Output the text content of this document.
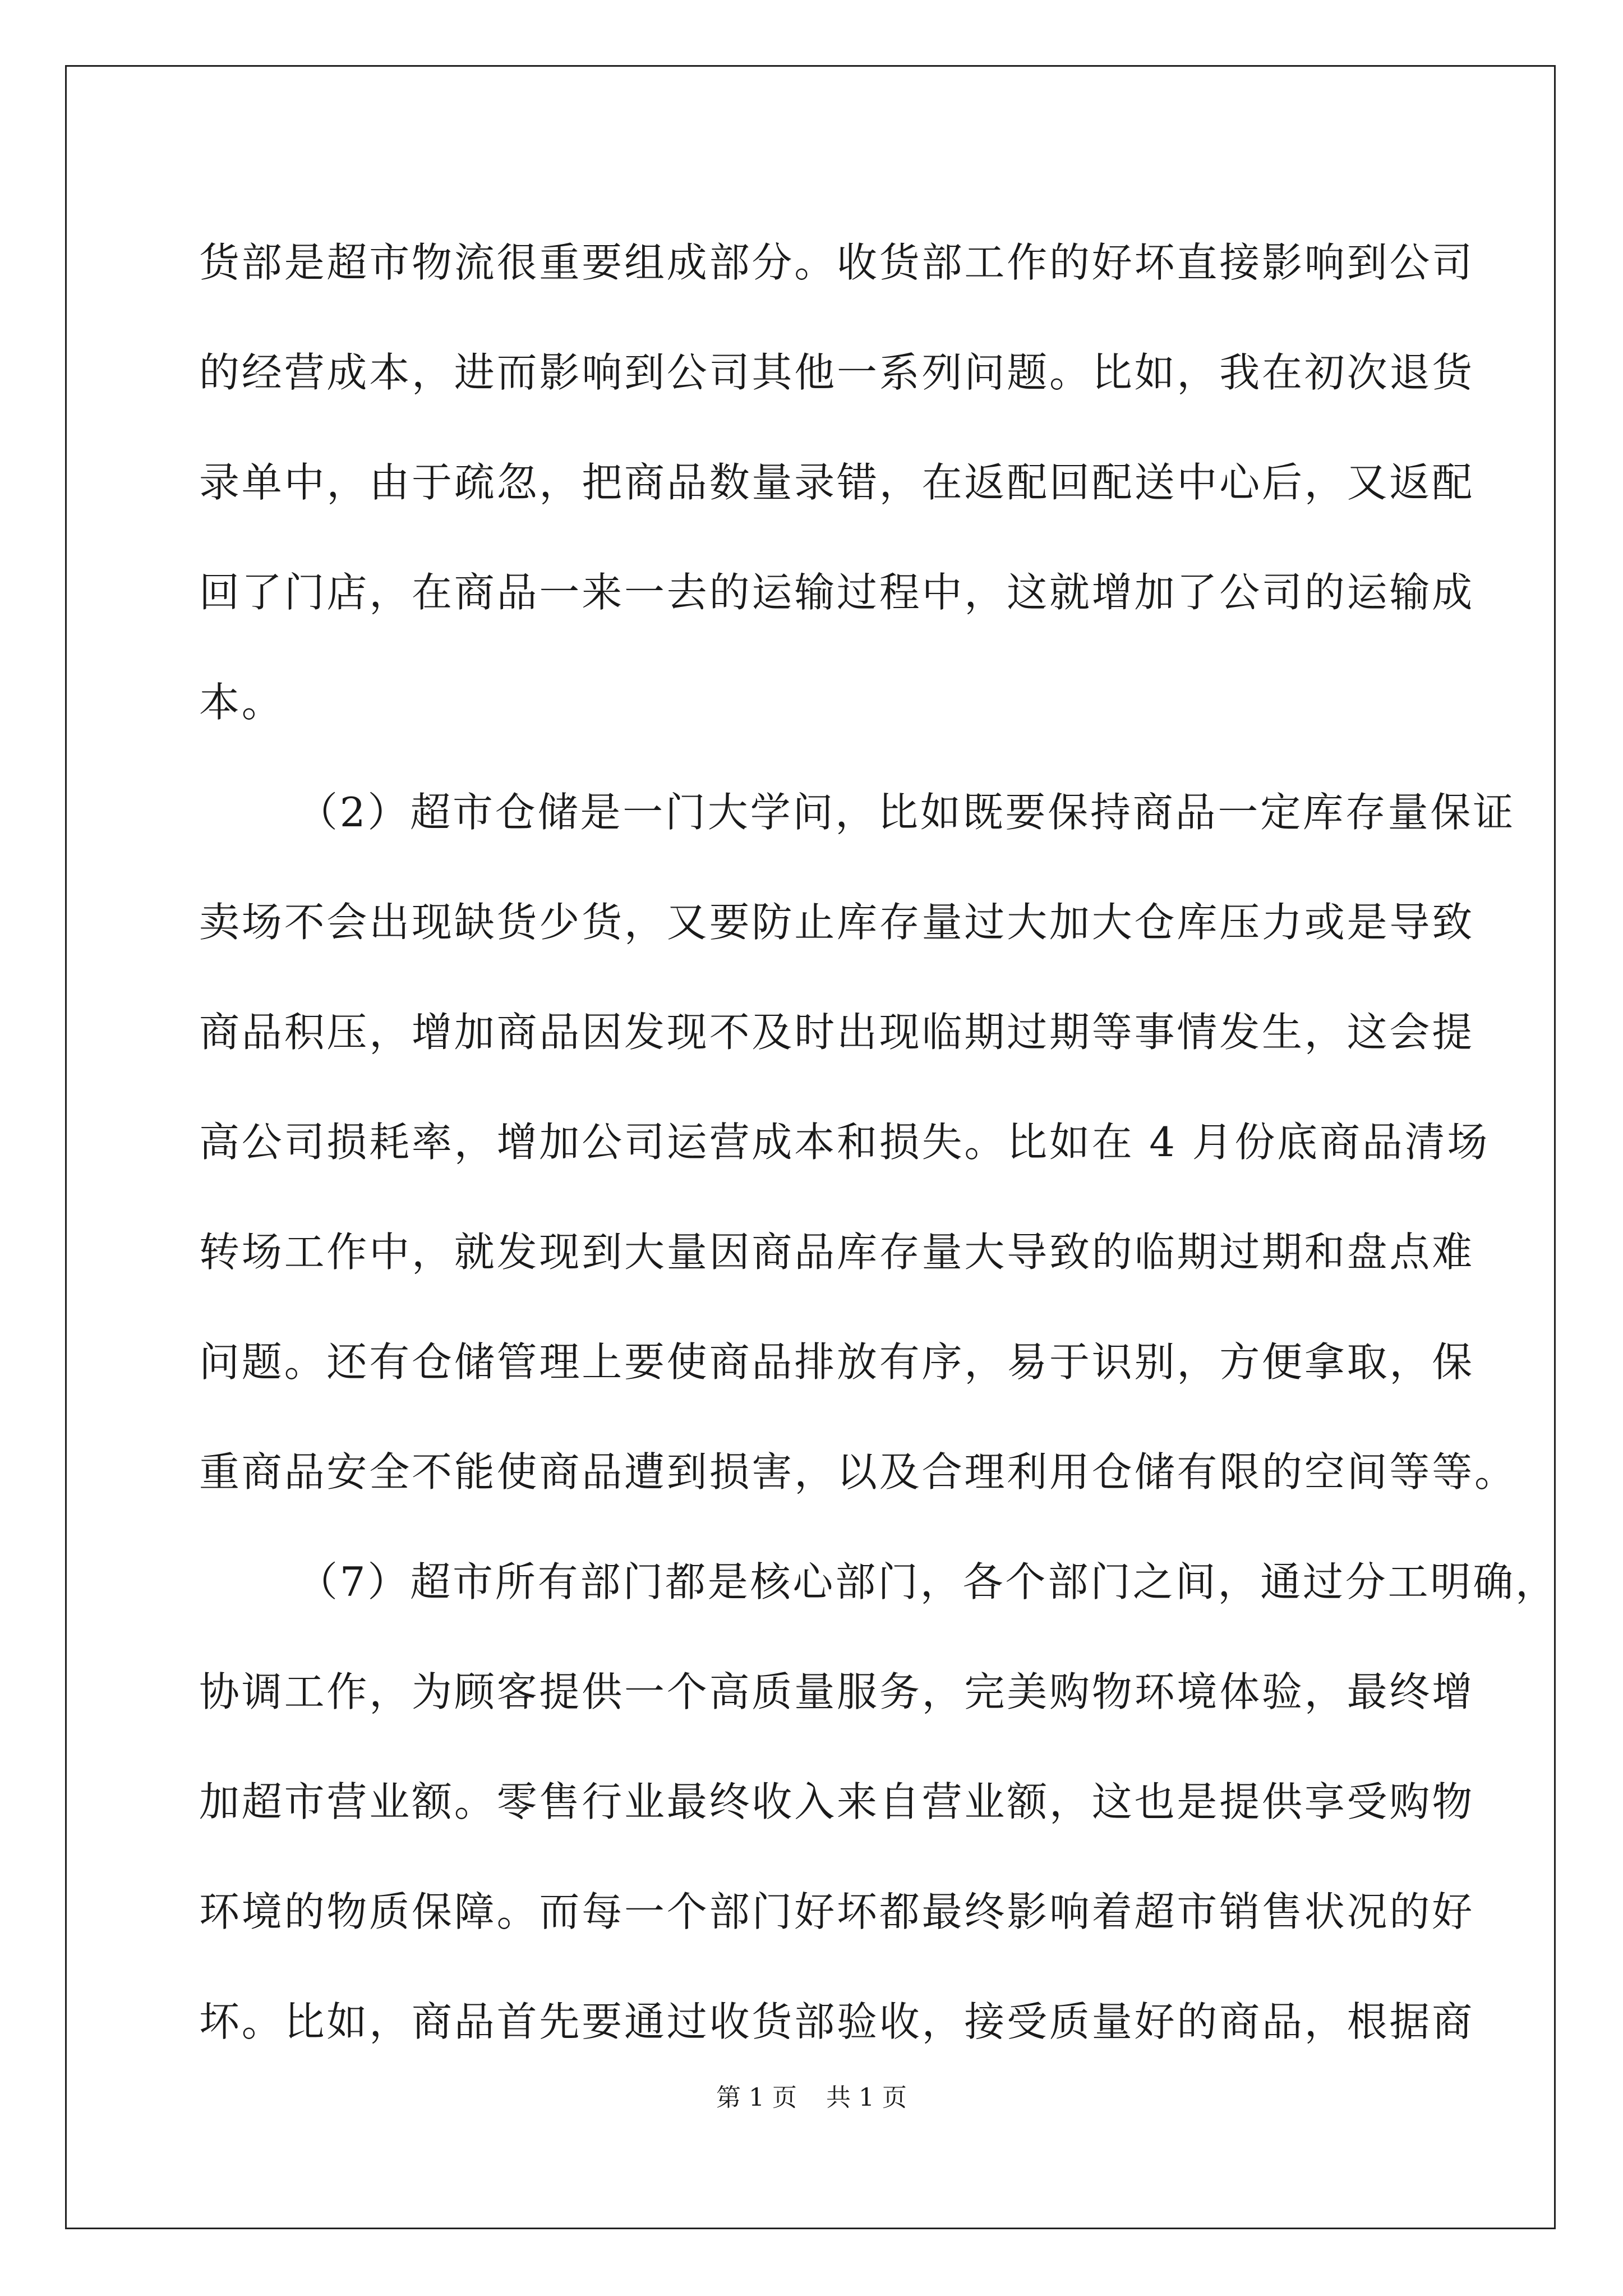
货部是超市物流很重要组成部分。收货部工作的好坏直接影响到公司
的经营成本，进而影响到公司其他一系列问题。比如，我在初次退货
录单中，由于疏忽，把商品数量录错，在返配回配送中心后，又返配
回了门店，在商品一来一去的运输过程中，这就增加了公司的运输成
本。
（2）超市仓储是一门大学问，比如既要保持商品一定库存量保证
卖场不会出现缺货少货，又要防止库存量过大加大仓库压力或是导致
商品积压，增加商品因发现不及时出现临期过期等事情发生，这会提
高公司损耗率，增加公司运营成本和损失。比如在 4 月份底商品清场
转场工作中，就发现到大量因商品库存量大导致的临期过期和盘点难
问题。还有仓储管理上要使商品排放有序，易于识别，方便拿取，保
重商品安全不能使商品遭到损害，以及合理利用仓储有限的空间等等。
（7）超市所有部门都是核心部门，各个部门之间，通过分工明确，
协调工作，为顾客提供一个高质量服务，完美购物环境体验，最终增
加超市营业额。零售行业最终收入来自营业额，这也是提供享受购物
环境的物质保障。而每一个部门好坏都最终影响着超市销售状况的好
坏。比如，商品首先要通过收货部验收，接受质量好的商品，根据商
第 1 页 共 1 页
